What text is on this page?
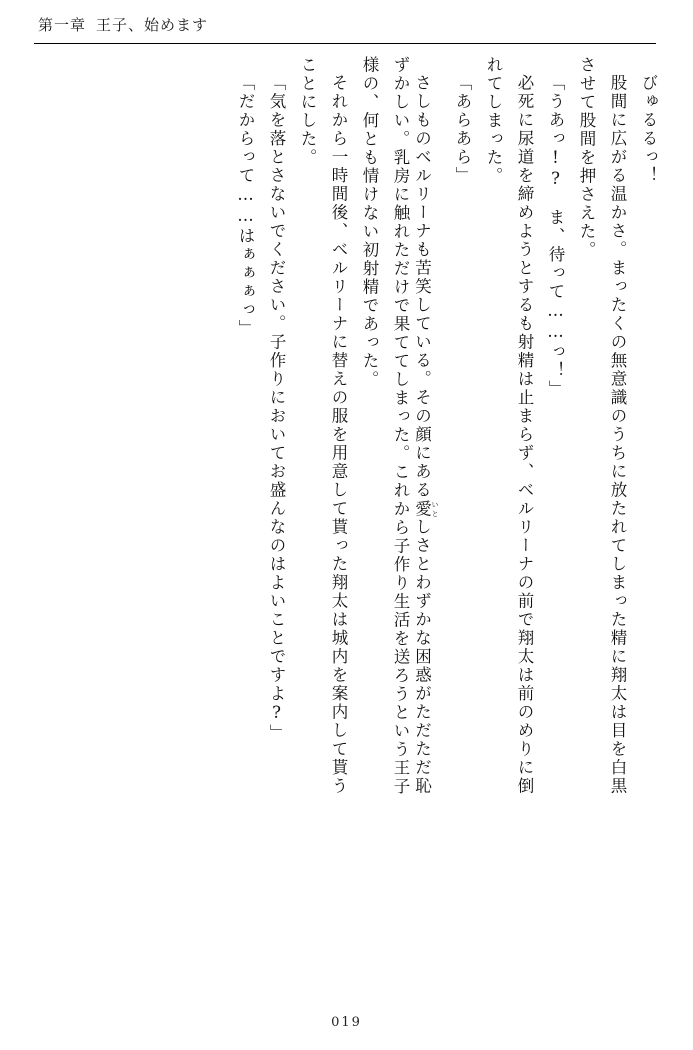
第一章 王子、始めます
びゅるるっ！
股間に広がる温かさ。まったくの無意識のうちに放たれてしまった精に翔太は目を白黒
させて股間を押さえた。
「うあっ!?　ま、待って……っ！」
必死に尿道を締めようとするも射精は止まらず、ベルリーナの前で翔太は前のめりに倒
れてしまった。
「あらあら」
さしものベルリーナも苦笑している。その顔にある愛 いとしさとわずかな困惑がただただ恥
ずかしい。乳房に触れただけで果ててしまった。これから子作り生活を送ろうという王子
様の、何とも情けない初射精であった。
それから一時間後、ベルリーナに替えの服を用意して貰った翔太は城内を案内して貰う
ことにした。
「気を落とさないでください。子作りにおいてお盛んなのはよいことですよ?」
「だからって……はぁぁぁっ」
019
